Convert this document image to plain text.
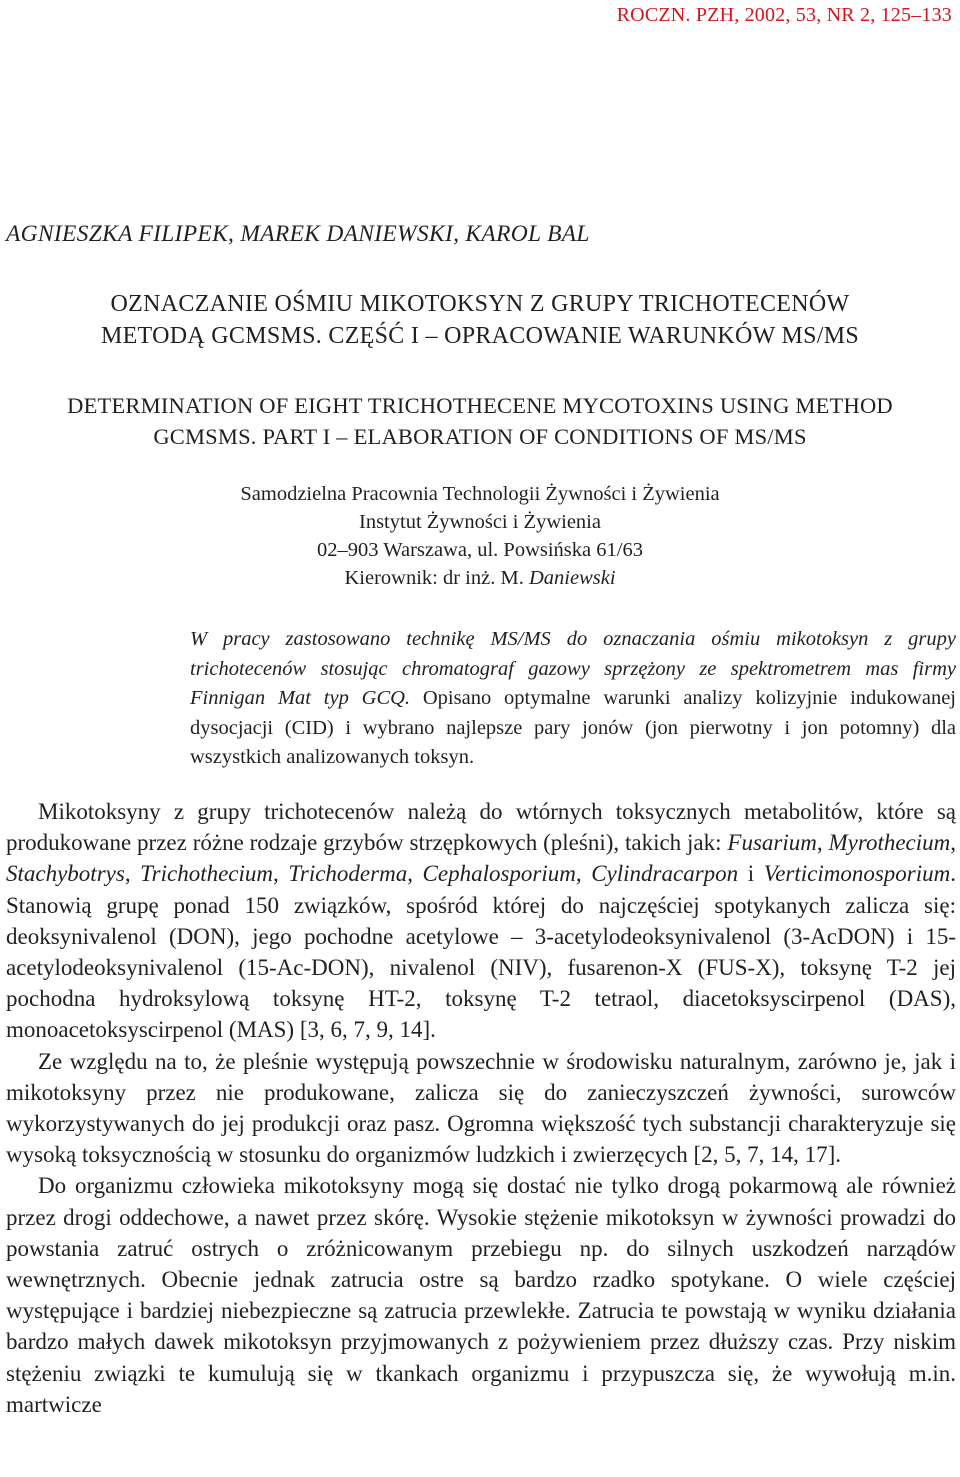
ROCZN. PZH, 2002, 53, NR 2, 125–133
AGNIESZKA FILIPEK, MAREK DANIEWSKI, KAROL BAL
OZNACZANIE OŚMIU MIKOTOKSYN Z GRUPY TRICHOTECENÓW
METODĄ GCMSMS. CZĘŚĆ I – OPRACOWANIE WARUNKÓW MS/MS
DETERMINATION OF EIGHT TRICHOTHECENE MYCOTOXINS USING METHOD
GCMSMS. PART I – ELABORATION OF CONDITIONS OF MS/MS
Samodzielna Pracownia Technologii Żywności i Żywienia
Instytut Żywności i Żywienia
02–903 Warszawa, ul. Powsińska 61/63
Kierownik: dr inż. M. Daniewski
W pracy zastosowano technikę MS/MS do oznaczania ośmiu mikotoksyn z grupy trichotecenów stosując chromatograf gazowy sprzężony ze spektrometrem mas firmy Finnigan Mat typ GCQ. Opisano optymalne warunki analizy kolizyjnie indukowanej dysocjacji (CID) i wybrano najlepsze pary jonów (jon pierwotny i jon potomny) dla wszystkich analizowanych toksyn.

Mikotoksyny z grupy trichotecenów należą do wtórnych toksycznych metabolitów, które są produkowane przez różne rodzaje grzybów strzępkowych (pleśni), takich jak: Fusarium, Myrothecium, Stachybotrys, Trichothecium, Trichoderma, Cephalosporium, Cylindracarpon i Verticimonosporium. Stanowią grupę ponad 150 związków, spośród której do najczęściej spotykanych zalicza się: deoksynivalenol (DON), jego pochodne acetylowe – 3-acetylodeoksynivalenol (3-AcDON) i 15-acetylodeoksynivalenol (15-Ac-DON), nivalenol (NIV), fusarenon-X (FUS-X), toksynę T-2 jej pochodna hydroksylową toksynę HT-2, toksynę T-2 tetraol, diacetoksyscirpenol (DAS), monoacetoksyscirpenol (MAS) [3, 6, 7, 9, 14].

Ze względu na to, że pleśnie występują powszechnie w środowisku naturalnym, zarówno je, jak i mikotoksyny przez nie produkowane, zalicza się do zanieczyszczeń żywności, surowców wykorzystywanych do jej produkcji oraz pasz. Ogromna większość tych substancji charakteryzuje się wysoką toksycznością w stosunku do organizmów ludzkich i zwierzęcych [2, 5, 7, 14, 17].

Do organizmu człowieka mikotoksyny mogą się dostać nie tylko drogą pokarmową ale również przez drogi oddechowe, a nawet przez skórę. Wysokie stężenie mikotoksyn w żywności prowadzi do powstania zatruć ostrych o zróżnicowanym przebiegu np. do silnych uszkodzeń narządów wewnętrznych. Obecnie jednak zatrucia ostre są bardzo rzadko spotykane. O wiele częściej występujące i bardziej niebezpieczne są zatrucia przewlekłe. Zatrucia te powstają w wyniku działania bardzo małych dawek mikotoksyn przyjmowanych z pożywieniem przez dłuższy czas. Przy niskim stężeniu związki te kumulują się w tkankach organizmu i przypuszcza się, że wywołują m.in. martwicze
